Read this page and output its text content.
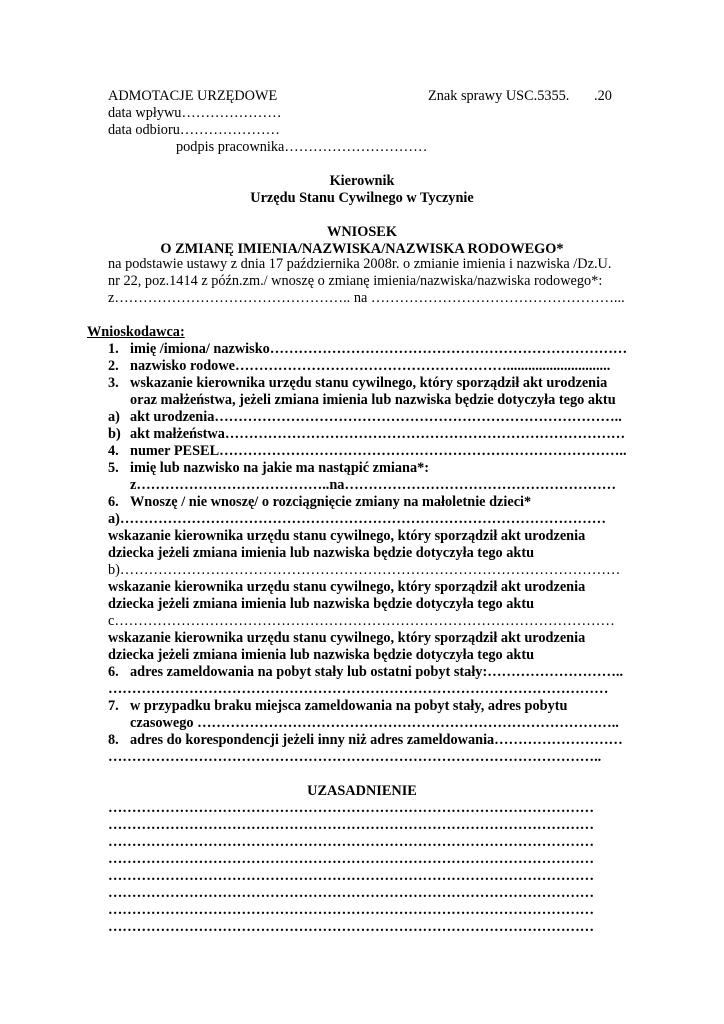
ADMOTACJE URZĘDOWE	Znak sprawy USC.5355. .20
data wpływu…………………
data odbioru…………………
podpis pracownika…………………………
Kierownik
Urzędu Stanu Cywilnego w Tyczynie
WNIOSEK
O ZMIANĘ IMIENIA/NAZWISKA/NAZWISKA RODOWEGO*
na podstawie ustawy z dnia 17 października 2008r. o zmianie imienia i nazwiska /Dz.U.
nr 22, poz.1414 z późn.zm./ wnoszę o zmianę imienia/nazwiska/nazwiska rodowego*:
z………………………………………….. na ……………………………………………...
Wnioskodawca:
1. imię /imiona/ nazwisko…………………………………………………………………
2. nazwisko rodowe………………………………………………….............................
3. wskazanie kierownika urzędu stanu cywilnego, który sporządził akt urodzenia
oraz małżeństwa, jeżeli zmiana imienia lub nazwiska będzie dotyczyła tego aktu
a) akt urodzenia…………………………………………………………………………..
b) akt małżeństwa…………………………………………………………………………
4. numer PESEL…………………………………………………………………………..
5. imię lub nazwisko na jakie ma nastąpić zmiana*:
z…………………………………..na…………………………………………………
6. Wnoszę / nie wnoszę/ o rozciągnięcie zmiany na małoletnie dzieci*
a)…………………………………………………………………………………………
wskazanie kierownika urzędu stanu cywilnego, który sporządził akt urodzenia
dziecka jeżeli zmiana imienia lub nazwiska będzie dotyczyła tego aktu
b)……………………………………………………………………………………………
wskazanie kierownika urzędu stanu cywilnego, który sporządził akt urodzenia
dziecka jeżeli zmiana imienia lub nazwiska będzie dotyczyła tego aktu
c……………………………………………………………………………………………
wskazanie kierownika urzędu stanu cywilnego, który sporządził akt urodzenia
dziecka jeżeli zmiana imienia lub nazwiska będzie dotyczyła tego aktu
6. adres zameldowania na pobyt stały lub ostatni pobyt stały:………………………..
……………………………………………………………………………………………
7. w przypadku braku miejsca zameldowania na pobyt stały, adres pobytu
czasowego ……………………………………………………………………………..
8. adres do korespondencji jeżeli inny niż adres zameldowania………………………
…………………………………………………………………………………………..
UZASADNIENIE
…………………………………………………………………………………………
…………………………………………………………………………………………
…………………………………………………………………………………………
…………………………………………………………………………………………
…………………………………………………………………………………………
…………………………………………………………………………………………
…………………………………………………………………………………………
…………………………………………………………………………………………
